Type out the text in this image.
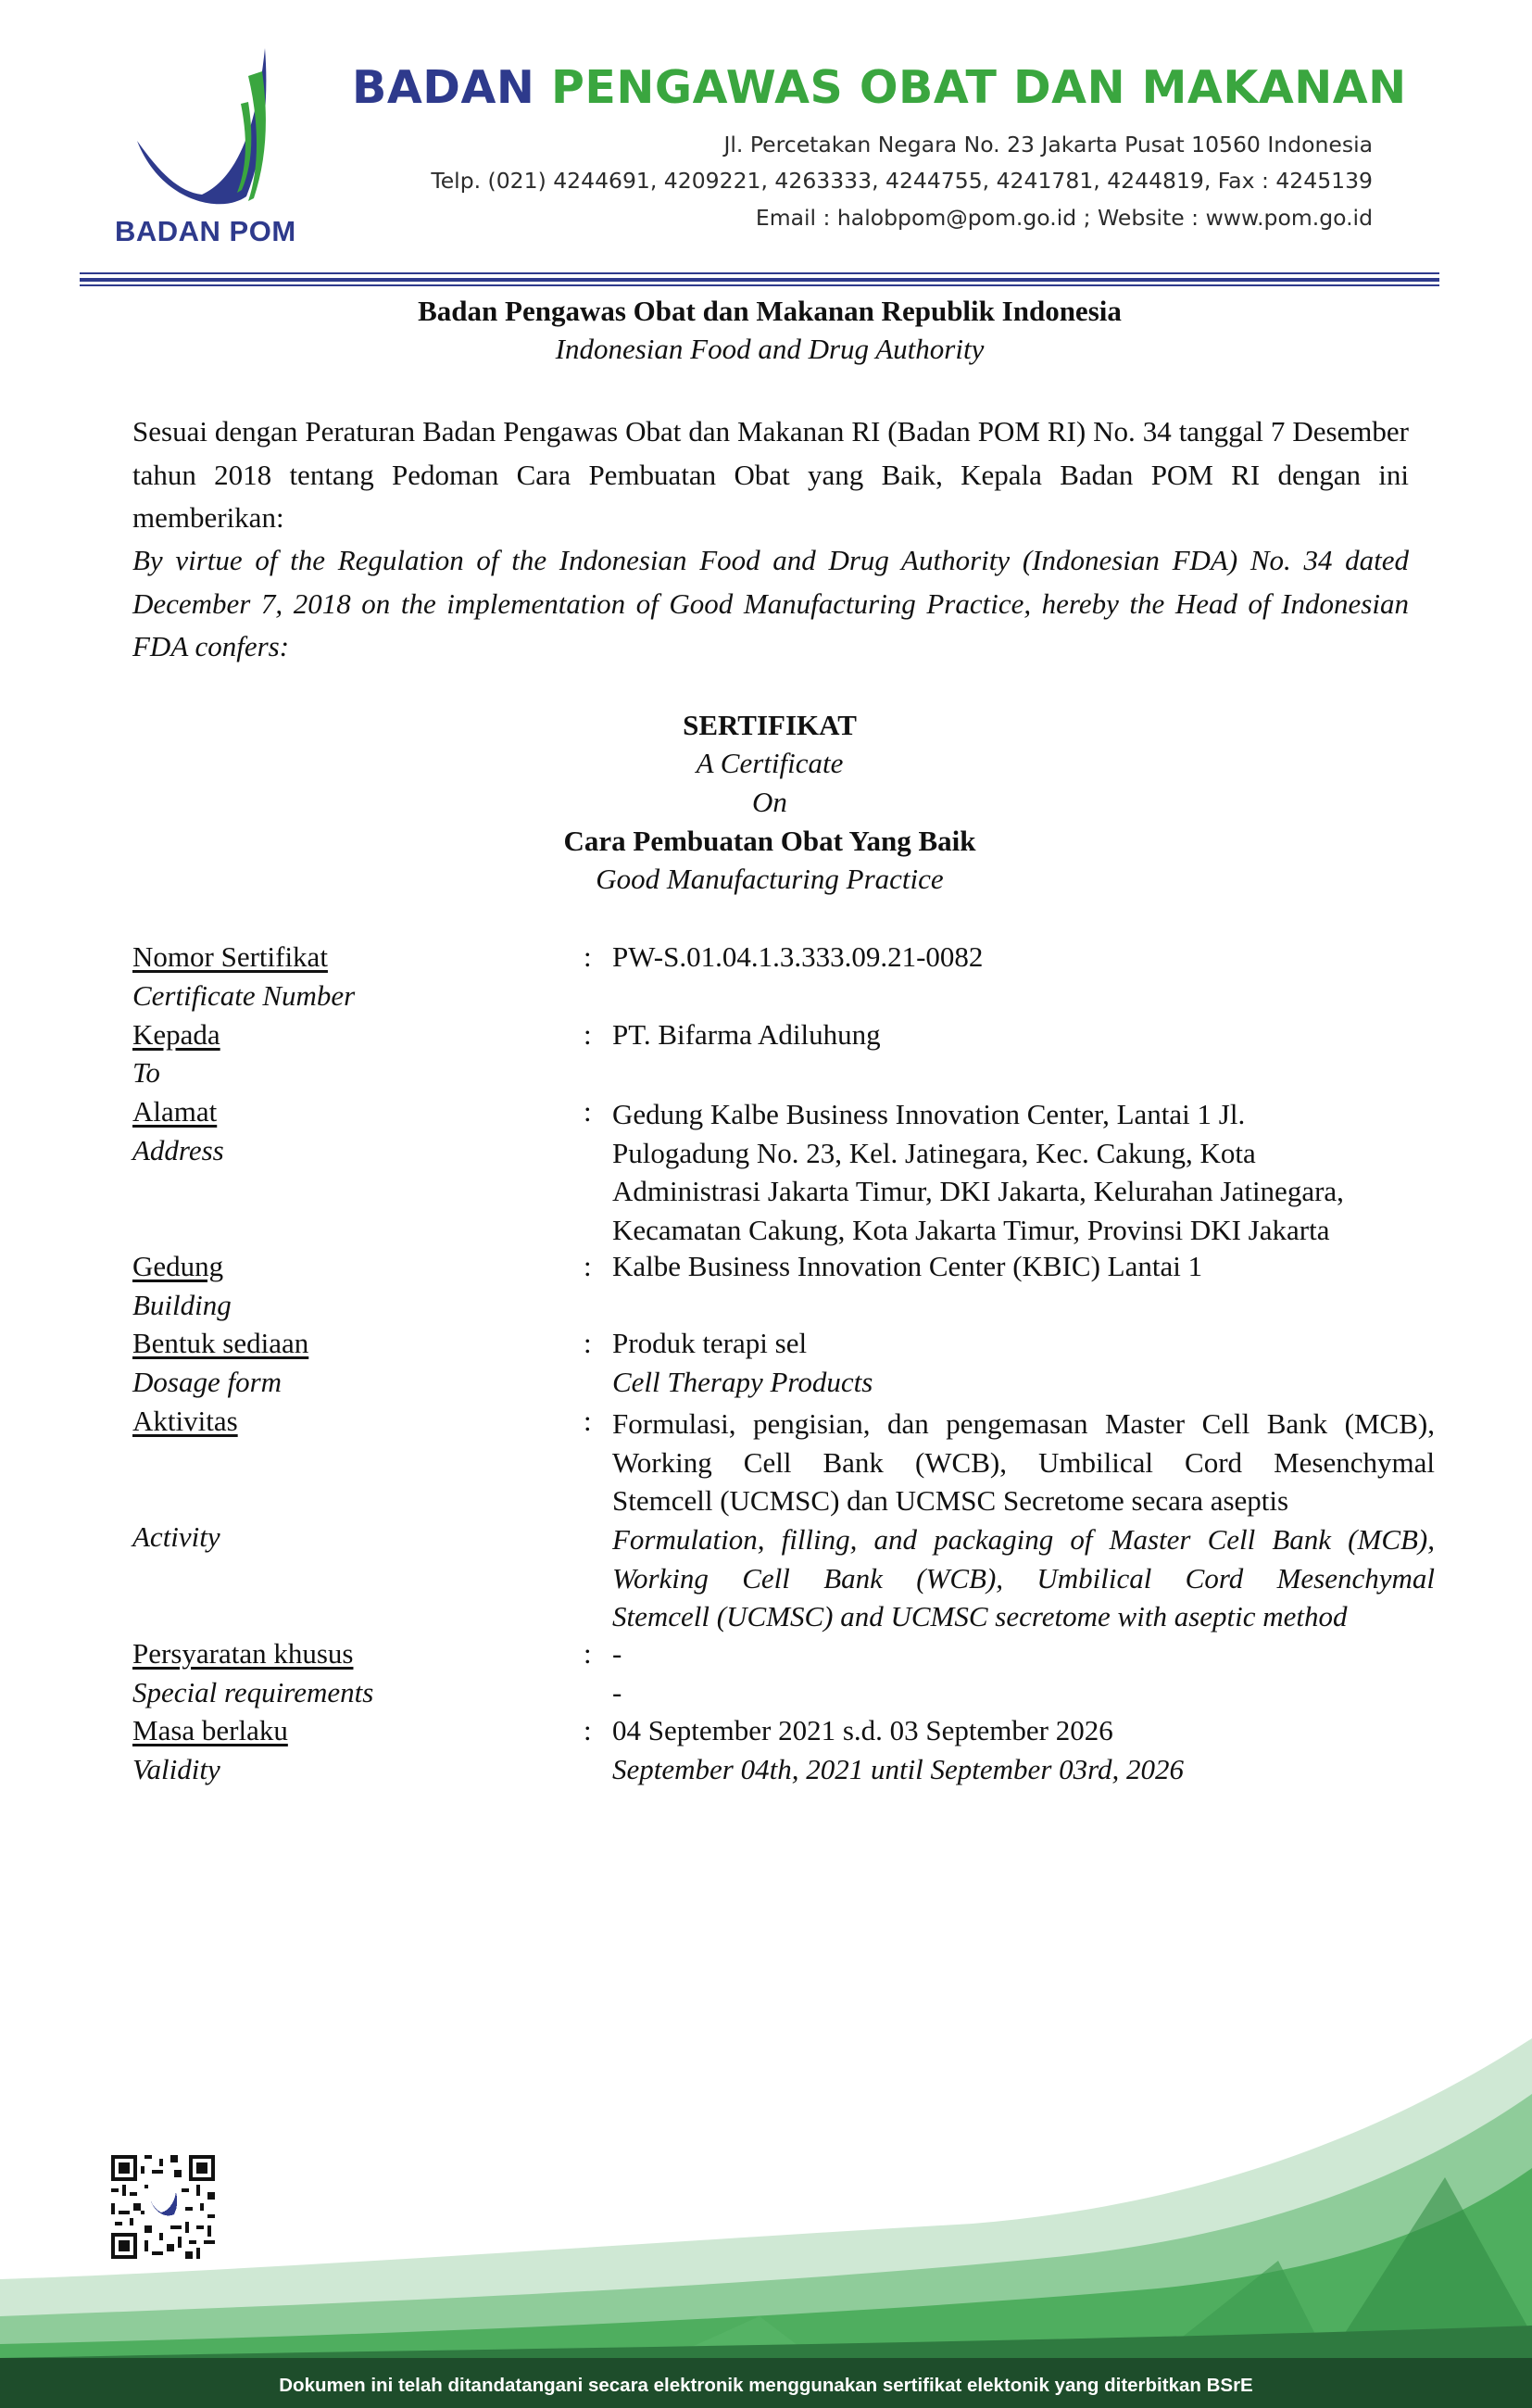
BADAN POM
BADAN PENGAWAS OBAT DAN MAKANAN
Jl. Percetakan Negara No. 23 Jakarta Pusat 10560 Indonesia
Telp. (021) 4244691, 4209221, 4263333, 4244755, 4241781, 4244819, Fax : 4245139
Email : halobpom@pom.go.id ; Website : www.pom.go.id
Badan Pengawas Obat dan Makanan Republik Indonesia
Indonesian Food and Drug Authority
Sesuai dengan Peraturan Badan Pengawas Obat dan Makanan RI (Badan POM RI) No. 34 tanggal 7 Desember tahun 2018 tentang Pedoman Cara Pembuatan Obat yang Baik, Kepala Badan POM RI dengan ini memberikan:
By virtue of the Regulation of the Indonesian Food and Drug Authority (Indonesian FDA) No. 34 dated December 7, 2018 on the implementation of Good Manufacturing Practice, hereby the Head of Indonesian FDA confers:
SERTIFIKAT
A Certificate
On
Cara Pembuatan Obat Yang Baik
Good Manufacturing Practice
Nomor Sertifikat
Certificate Number
: PW-S.01.04.1.3.333.09.21-0082
Kepada
To
: PT. Bifarma Adiluhung
Alamat
Address
: Gedung Kalbe Business Innovation Center, Lantai 1 Jl.
Pulogadung No. 23, Kel. Jatinegara, Kec. Cakung, Kota
Administrasi Jakarta Timur, DKI Jakarta, Kelurahan Jatinegara,
Kecamatan Cakung, Kota Jakarta Timur, Provinsi DKI Jakarta
Gedung
Building
: Kalbe Business Innovation Center (KBIC) Lantai 1
Bentuk sediaan
Dosage form
: Produk terapi sel
Cell Therapy Products
Aktivitas	: Formulasi, pengisian, dan pengemasan Master Cell Bank (MCB),
Working Cell Bank (WCB), Umbilical Cord Mesenchymal
Stemcell (UCMSC) dan UCMSC Secretome secara aseptis
Activity	Formulation, filling, and packaging of Master Cell Bank (MCB),
Working Cell Bank (WCB), Umbilical Cord Mesenchymal
Stemcell (UCMSC) and UCMSC secretome with aseptic method
Persyaratan khusus
Special requirements
: -
-
Masa berlaku
Validity
: 04 September 2021 s.d. 03 September 2026
September 04th, 2021 until September 03rd, 2026
Dokumen ini telah ditandatangani secara elektronik menggunakan sertifikat elektonik yang diterbitkan BSrE
